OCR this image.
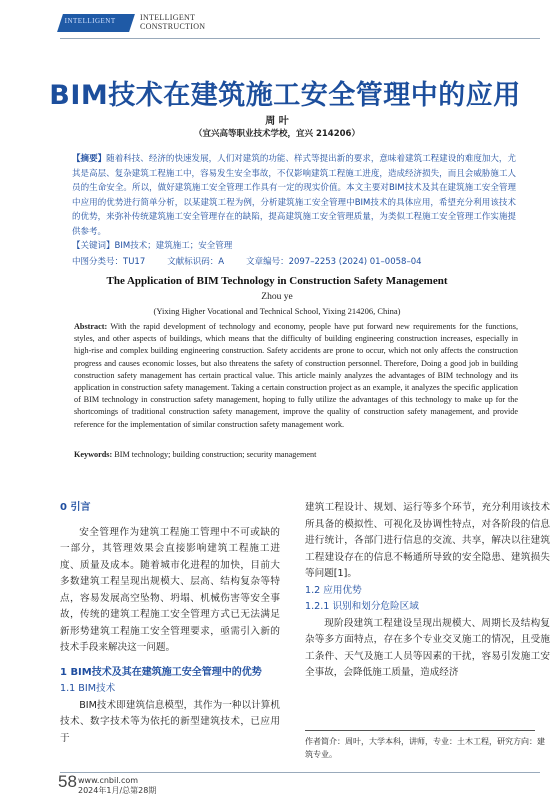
INTELLIGENT	INTELLIGENT
CONSTRUCTION
BIM技术在建筑施工安全管理中的应用
周 叶
（宜兴高等职业技术学校，宜兴 214206）
【摘要】随着科技、经济的快速发展，人们对建筑的功能、样式等提出新的要求，意味着建筑工程建设的难度加大，尤其是高层、复杂建筑工程施工中，容易发生安全事故，不仅影响建筑工程施工进度，造成经济损失，而且会威胁施工人员的生命安全。所以，做好建筑施工安全管理工作具有一定的现实价值。本文主要对BIM技术及其在建筑施工安全管理中应用的优势进行简单分析，以某建筑工程为例，分析建筑施工安全管理中BIM技术的具体应用，希望充分利用该技术的优势，来弥补传统建筑施工安全管理存在的缺陷，提高建筑施工安全管理质量，为类似工程施工安全管理工作实施提供参考。
【关键词】BIM技术；建筑施工；安全管理
中图分类号：TU17	文献标识码：A	文章编号：2097–2253 (2024) 01–0058–04
The Application of BIM Technology in Construction Safety Management
Zhou ye
(Yixing Higher Vocational and Technical School, Yixing 214206, China)
Abstract: With the rapid development of technology and economy, people have put forward new requirements for the functions, styles, and other aspects of buildings, which means that the difficulty of building engineering construction increases, especially in high-rise and complex building engineering construction. Safety accidents are prone to occur, which not only affects the construction progress and causes economic losses, but also threatens the safety of construction personnel. Therefore, Doing a good job in building construction safety management has certain practical value. This article mainly analyzes the advantages of BIM technology and its application in construction safety management. Taking a certain construction project as an example, it analyzes the specific application of BIM technology in construction safety management, hoping to fully utilize the advantages of this technology to make up for the shortcomings of traditional construction safety management, improve the quality of construction safety management, and provide reference for the implementation of similar construction safety management work.
Keywords: BIM technology; building construction; security management

0 引言

安全管理作为建筑工程施工管理中不可或缺的一部分，其管理效果会直接影响建筑工程施工进度、质量及成本。随着城市化进程的加快，目前大多数建筑工程呈现出规模大、层高、结构复杂等特点，容易发展高空坠物、坍塌、机械伤害等安全事故，传统的建筑工程施工安全管理方式已无法满足新形势建筑工程施工安全管理要求，亟需引入新的技术手段来解决这一问题。

1 BIM技术及其在建筑施工安全管理中的优势

1.1 BIM技术

BIM技术即建筑信息模型，其作为一种以计算机技术、数字技术等为依托的新型建筑技术，已应用于

建筑工程设计、规划、运行等多个环节，充分利用该技术所具备的模拟性、可视化及协调性特点，对各阶段的信息进行统计，各部门进行信息的交流、共享，解决以往建筑工程建设存在的信息不畅通所导致的安全隐患、建筑损失等问题[1]。

1.2 应用优势

1.2.1 识别和划分危险区域

现阶段建筑工程建设呈现出规模大、周期长及结构复杂等多方面特点，存在多个专业交叉施工的情况，且受施工条件、天气及施工人员等因素的干扰，容易引发施工安全事故，会降低施工质量，造成经济

作者简介：周叶，大学本科，讲师，专业：土木工程，研究方向：建筑专业。
58 www.cnbil.com
2024年1月/总第28期
